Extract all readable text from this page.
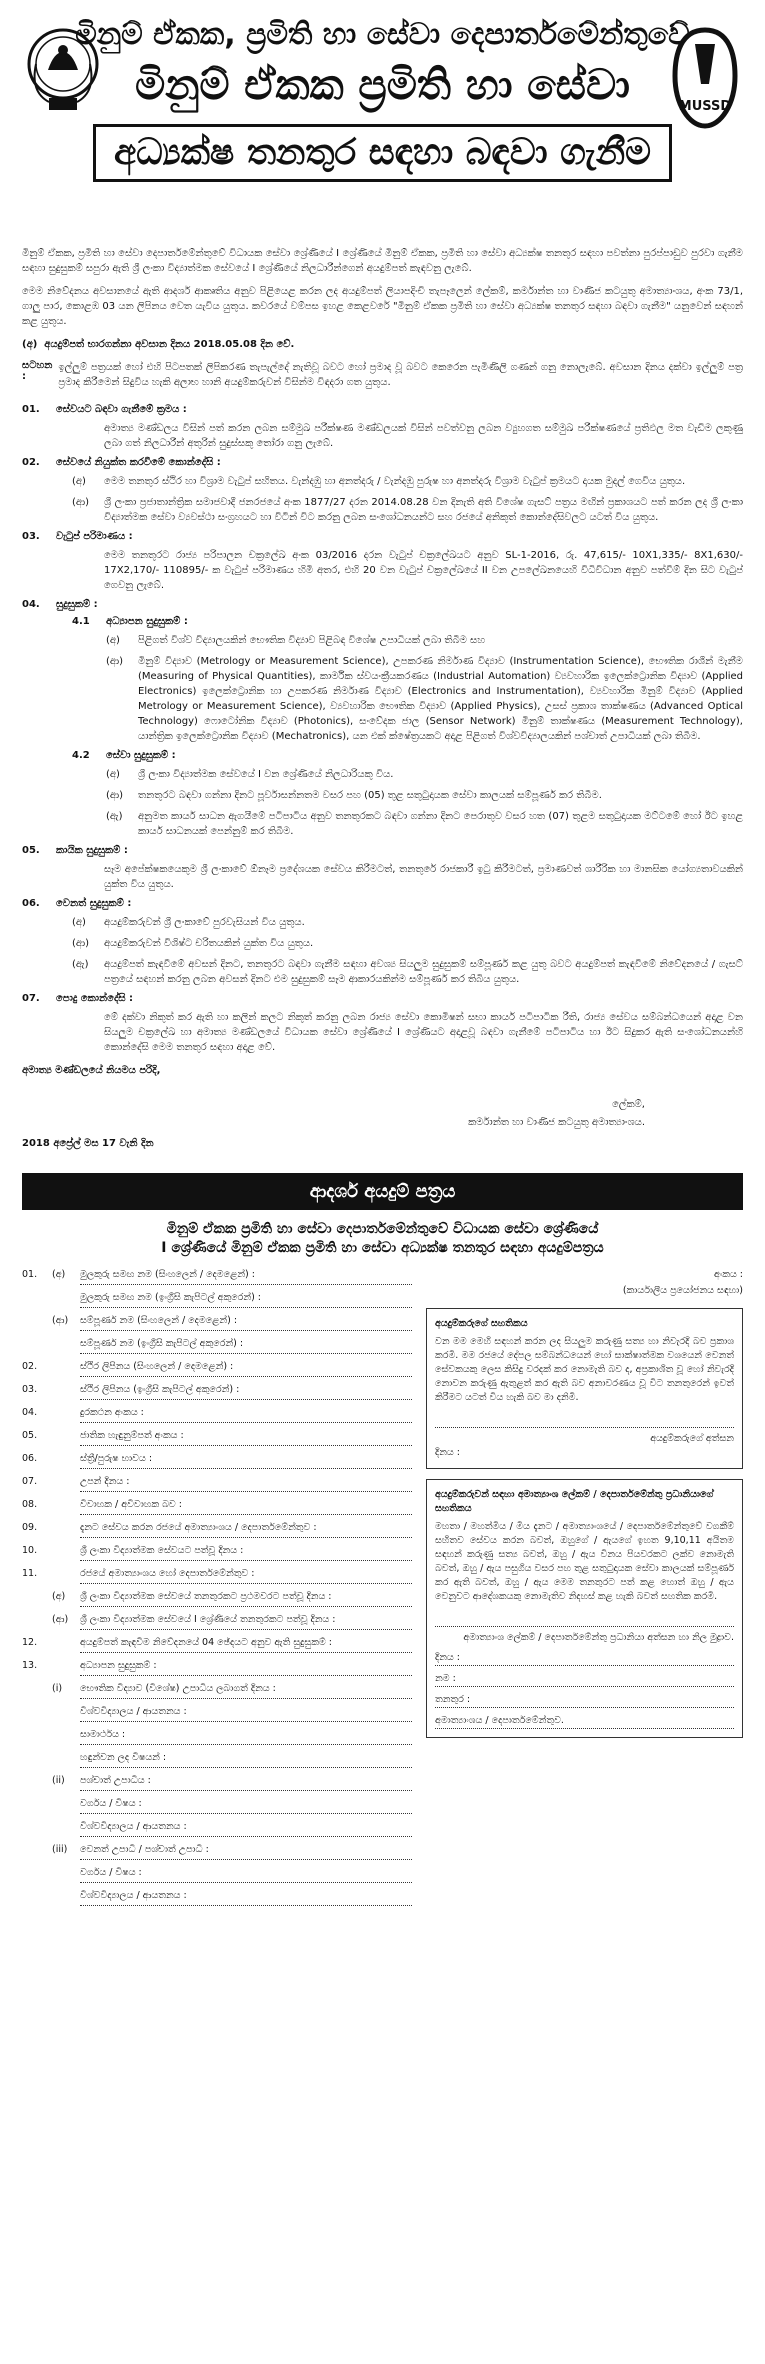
මිනුම් ඒකක, ප්‍රමිති හා සේවා දෙපාර්තමේන්තුවේ
මිනුම් ඒකක ප්‍රමිති හා සේවා
අධ්‍යක්ෂ තනතුර සඳහා බඳවා ගැනීම
MUSSD

මිනුම් ඒකක, ප්‍රමිති හා සේවා දෙපාර්තමේන්තුවේ විධායක සේවා ශ්‍රේණියේ I ශ්‍රේණියේ මිනුම් ඒකක, ප්‍රමිති හා සේවා අධ්‍යක්ෂ තනතුර සඳහා පවත්නා පුරප්පාඩුව පුරවා ගැනීම සඳහා සුදුසුකම් සපුරා ඇති ශ්‍රී ලංකා විද්‍යාත්මක සේවයේ I ශ්‍රේණියේ නිලධාරීන්ගෙන් අයදුම්පත් කැඳවනු ලැබේ.

මෙම නිවේදනය අවසානයේ ඇති ආදර්ශ ආකෘතිය අනුව පිළියෙළ කරන ලද අයදුම්පත් ලියාපදිංචි තැපෑලෙන් ලේකම්, කර්මාන්ත හා වාණිජ කටයුතු අමාත්‍යාංශය, අංක 73/1, ගාලු පාර, කොළඹ 03 යන ලිපිනය වෙත යැවිය යුතුය. කවරයේ වම්පස ඉහළ කෙළවරේ "මිනුම් ඒකක ප්‍රමිති හා සේවා අධ්‍යක්ෂ තනතුර සඳහා බඳවා ගැනීම" යනුවෙන් සඳහන් කළ යුතුය.

(අ) අයදුම්පත් භාරගන්නා අවසාන දිනය 2018.05.08 දින වේ.

සටහන :

ඉල්ලුම් පත්‍රයක් හෝ එහි පිටපතක් ලිපිකරණ තැපැල්දේ නැතිවූ බවට හෝ ප්‍රමාද වූ බවට කෙරෙන පැමිණිලි ගණන් ගනු නොලැබේ. අවසාන දිනය දක්වා ඉල්ලුම් පත්‍ර ප්‍රමාද කිරීමෙන් සිදුවිය හැකි අලාභ හානි අයදුම්කරුවන් විසින්ම විඳදරා ගත යුතුය.

01. සේවයට බඳවා ගැනීමේ ක්‍රමය :
අමාත්‍ය මණ්ඩලය විසින් පත් කරන ලබන සම්මුඛ පරීක්ෂණ මණ්ඩලයක් විසින් පවත්වනු ලබන ව්‍යුහගත සම්මුඛ පරීක්ෂණයේ ප්‍රතිඵල මත වැඩිම ලකුණු ලබා ගත් නිලධාරීන් අතුරින් සුදුස්සකු තෝරා ගනු ලැබේ.
02. සේවයේ නියුක්ත කරවීමේ කොන්දේසි :
(අ)	මෙම තනතුර ස්ථිර හා විශ්‍රාම වැටුප් සහිතය. වැන්දඹු හා අනත්දරු / වැන්දඹු පුරුෂ හා අනත්දරු විශ්‍රාම වැටුප් ක්‍රමයට දායක මුදල් ගෙවිය යුතුය.
(ආ)	ශ්‍රී ලංකා ප්‍රජාතාන්ත්‍රික සමාජවාදී ජනරජයේ අංක 1877/27 දරන 2014.08.28 වන දිනැති අති විශේෂ ගැසට් පත්‍රය මඟින් ප්‍රකාශයට පත් කරන ලද ශ්‍රී ලංකා විද්‍යාත්මක සේවා ව්‍යවස්ථා සංග්‍රහයට හා විටින් විට කරනු ලබන සංශෝධනයන්ට සහ රජයේ අනිකුත් කොන්දේසිවලට යටත් විය යුතුය.
03. වැටුප් පරිමාණය :
මෙම තනතුරට රාජ්‍ය පරිපාලන චක්‍රලේඛ අංක 03/2016 දරන වැටුප් චක්‍රලේඛයට අනුව SL-1-2016, රු. 47,615/- 10X1,335/- 8X1,630/- 17X2,170/- 110895/- ක වැටුප් පරිමාණය හිමි අතර, එහි 20 වන වැටුප් චක්‍රලේඛයේ II වන උපලේඛනයෙහි විධිවිධාන අනුව පත්වීම් දින සිට වැටුප් ගෙවනු ලැබේ.
04. සුදුසුකම් :
4.1 අධ්‍යාපන සුදුසුකම් :
(අ)	පිළිගත් විශ්ව විද්‍යාලයකින් භෞතික විද්‍යාව පිළිබඳ විශේෂ උපාධියක් ලබා තිබීම සහ
(ආ)	මිනුම් විද්‍යාව (Metrology or Measurement Science), උපකරණ නිර්මාණ විද්‍යාව (Instrumentation Science), භෞතික රාශීන් මැනීම (Measuring of Physical Quantities), කාර්මික ස්වයංක්‍රීයකරණය (Industrial Automation) ව්‍යවහාරික ඉලෙක්ට්‍රොනික විද්‍යාව (Applied Electronics) ඉලෙක්ට්‍රොනික හා උපකරණ නිර්මාණ විද්‍යාව (Electronics and Instrumentation), ව්‍යවහාරික මිනුම් විද්‍යාව (Applied Metrology or Measurement Science), ව්‍යවහාරික භෞතික විද්‍යාව (Applied Physics), උසස් ප්‍රකාශ තාක්ෂණය (Advanced Optical Technology) ෆොටෝනික විද්‍යාව (Photonics), සංවේදක ජාල (Sensor Network) මිනුම් තාක්ෂණය (Measurement Technology), යාන්ත්‍රික ඉලෙක්ට්‍රොනික විද්‍යාව (Mechatronics), යන එක් ක්ෂේත්‍රයකට අදාළ පිළිගත් විශ්වවිද්‍යාලයකින් පශ්චාත් උපාධියක් ලබා තිබීම.
4.2 සේවා සුදුසුකම් :
(අ)	ශ්‍රී ලංකා විද්‍යාත්මක සේවයේ I වන ශ්‍රේණියේ නිලධාරියකු විය.
(ආ)	තනතුරට බඳවා ගන්නා දිනට පූර්වාසන්නතම වසර පහ (05) තුළ සතුටුදායක සේවා කාලයක් සම්පූර්ණ කර තිබීම.
(ඇ)	අනුමත කාර්ය සාධන ඇගයීමේ පටිපාටිය අනුව තනතුරකට බඳවා ගන්නා දිනට පෙරාතුව වසර හත (07) තුළම සතුටුදායක මට්ටමේ හෝ ඊට ඉහළ කාර්ය සාධනයක් පෙන්නුම් කර තිබීම.
05. කායික සුදුසුකම් :
සෑම අපේක්ෂකයෙකුම ශ්‍රී ලංකාවේ ඕනෑම ප්‍රදේශයක සේවය කිරීමටත්, තනතුරේ රාජකාරී ඉටු කිරීමටත්, ප්‍රමාණවත් ශාරීරික හා මානසික යෝග්‍යතාවයකින් යුක්ත විය යුතුය.
06. වෙනත් සුදුසුකම් :
(අ)	අයදුම්කරුවන් ශ්‍රී ලංකාවේ පුරවැසියන් විය යුතුය.
(ආ)	අයදුම්කරුවන් විශිෂ්ට චරිතයකින් යුක්ත විය යුතුය.
(ඇ)	අයදුම්පත් කැඳවීමේ අවසන් දිනට, තනතුරට බඳවා ගැනීම සඳහා අවශ්‍ය සියලුම සුදුසුකම් සම්පූර්ණ කළ යුතු බවට අයදුම්පත් කැඳවීමේ නිවේදනයේ / ගැසට් පත්‍රයේ සඳහන් කරනු ලබන අවසන් දිනට එම සුදුසුකම් සෑම ආකාරයකින්ම සම්පූර්ණ කර තිබිය යුතුය.
07. පොදු කොන්දේසි :
මේ දක්වා නිකුත් කර ඇති හා කලින් කලට නිකුත් කරනු ලබන රාජ්‍ය සේවා කොමිෂන් සභා කාර්ය පටිපාටික රීති, රාජ්‍ය සේවය සම්බන්ධයෙන් අදාළ වන සියලුම චක්‍රලේඛ හා අමාත්‍ය මණ්ඩලයේ විධායක සේවා ශ්‍රේණියේ I ශ්‍රේණියට අදාළවූ බඳවා ගැනීමේ පටිපාටිය හා ඊට සිදුකර ඇති සංශෝධනයන්හි කොන්දේසි මෙම තනතුර සඳහා අදාළ වේ.

අමාත්‍ය මණ්ඩලයේ නියමය පරිදි,

ලේකම්,
කර්මාන්ත හා වාණිජ කටයුතු අමාත්‍යාංශය.
2018 අප්‍රේල් මස 17 වැනි දින
ආදර්ශ අයදුම් පත්‍රය
මිනුම් ඒකක ප්‍රමිති හා සේවා දෙපාර්තමේන්තුවේ විධායක සේවා ශ්‍රේණියේ
I ශ්‍රේණියේ මිනුම් ඒකක ප්‍රමිති හා සේවා අධ්‍යක්ෂ තනතුර සඳහා අයදුම්පත්‍රය
01.	(අ)	මුලකුරු සමඟ නම (සිංහලෙන් / දෙමළෙන්) :
මුලකුරු සමඟ නම (ඉංග්‍රීසි කැපිටල් අකුරෙන්) :
(ආ)	සම්පූර්ණ නම (සිංහලෙන් / දෙමළෙන්) :
සම්පූර්ණ නම (ඉංග්‍රීසි කැපිටල් අකුරෙන්) :
02.	ස්ථිර ලිපිනය (සිංහලෙන් / දෙමළෙන්) :
03.	ස්ථිර ලිපිනය (ඉංග්‍රීසි කැපිටල් අකුරෙන්) :
04.	දුරකථන අංකය :
05.	ජාතික හැඳුනුම්පත් අංකය :
06.	ස්ත්‍රී/පුරුෂ භාවය :
07.	උපන් දිනය :
08.	විවාහක / අවිවාහක බව :
09.	දැනට සේවය කරන රජයේ අමාත්‍යාංශය / දෙපාර්තමේන්තුව :
10.	ශ්‍රී ලංකා විද්‍යාත්මක සේවයට පත්වූ දිනය :
11.	රජයේ අමාත්‍යාංශය හෝ දෙපාර්තමේන්තුව :
(අ)	ශ්‍රී ලංකා විද්‍යාත්මක සේවයේ තනතුරකට ප්‍රථමවරට පත්වූ දිනය :
(ආ)	ශ්‍රී ලංකා විද්‍යාත්මක සේවයේ I ශ්‍රේණියේ තනතුරකට පත්වූ දිනය :
12.	අයදුම්පත් කැඳවීම නිවේදනයේ 04 ඡේදයට අනුව ඇති සුදුසුකම් :
13.	අධ්‍යාපන සුදුසුකම් :
(i)	භෞතික විද්‍යාව (විශේෂ) උපාධිය ලබාගත් දිනය :
විශ්වවිද්‍යාලය / ආයතනය :
සාමාර්ථය :
හඳුන්වන ලද විෂයන් :
(ii)	පශ්චාත් උපාධිය :
වර්ගය / විෂය :
විශ්වවිද්‍යාලය / ආයතනය :
(iii)	වෙනත් උපාධි / පශ්චාත් උපාධි :
වර්ගය / විෂය :
විශ්වවිද්‍යාලය / ආයතනය :
අංකය :
(කාර්යාලීය ප්‍රයෝජනය සඳහා)
අයදුම්කරුගේ සහතිකය

වන මම මෙහි සඳහන් කරන ලද සියලුම කරුණු සත්‍ය හා නිවැරදි බව ප්‍රකාශ කරමි. මම රජයේ දේපල සම්බන්ධයෙන් හෝ සාක්ෂාත්මක වශයෙන් වෙනත් සේවකයකු ලෙස කිසිදු වරදක් කර නොමැති බව ද, අප්‍රකාශිත වූ හෝ නිවැරදි නොවන කරුණු ඇතුළත් කර ඇති බව අනාවරණය වූ විට තනතුරෙන් ඉවත් කිරීමට යටත් විය හැකි බව මා දනිමි.

අයදුම්කරුගේ අත්සන
දිනය :
අයදුම්කරුවන් සඳහා අමාත්‍යාංශ ලේකම් / දෙපාර්තමේන්තු ප්‍රධානියාගේ සහතිකය

මහතා / මහත්මිය / මිය දැනට / අමාත්‍යාංශයේ / දෙපාර්තමේන්තුවේ වගකීම් සහිතව සේවය කරන බවත්, ඔහුගේ / ඇයගේ ඉහත 9,10,11 අයිතම සඳහන් කරුණු සත්‍ය බවත්, ඔහු / ඇය විනය පියවරකට ලක්ව නොමැති බවත්, ඔහු / ඇය පසුගිය වසර පහ තුළ සතුටුදායක සේවා කාලයක් සම්පූර්ණ කර ඇති බවත්, ඔහු / ඇය මෙම තනතුරට පත් කළ හොත් ඔහු / ඇය වෙනුවට ආදේශකයකු නොමැතිව නිදහස් කළ හැකි බවත් සහතික කරමි.

අමාත්‍යාංශ ලේකම් / දෙපාර්තමේන්තු ප්‍රධානියා අත්සන හා නිල මුද්‍රාව.
දිනය :
නම :
තනතුර :
අමාත්‍යාංශය / දෙපාර්තමේන්තුව.
